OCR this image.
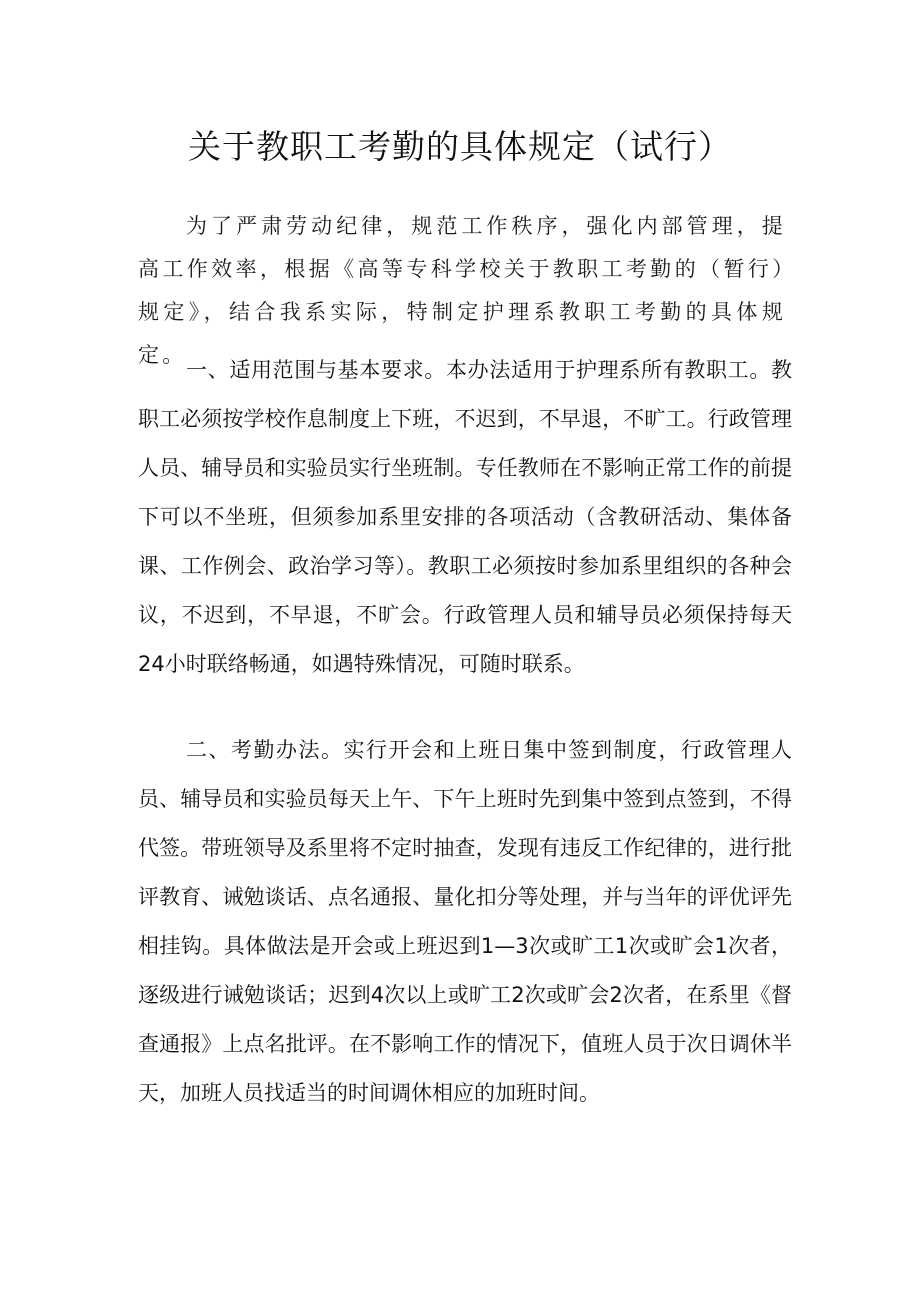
关于教职工考勤的具体规定（试行）

为了严肃劳动纪律，规范工作秩序，强化内部管理，提高工作效率，根据《高等专科学校关于教职工考勤的（暂行）规定》，结合我系实际，特制定护理系教职工考勤的具体规定。

一、适用范围与基本要求。本办法适用于护理系所有教职工。教职工必须按学校作息制度上下班，不迟到，不早退，不旷工。行政管理人员、辅导员和实验员实行坐班制。专任教师在不影响正常工作的前提下可以不坐班，但须参加系里安排的各项活动（含教研活动、集体备课、工作例会、政治学习等）。教职工必须按时参加系里组织的各种会议，不迟到，不早退，不旷会。行政管理人员和辅导员必须保持每天24小时联络畅通，如遇特殊情况，可随时联系。

二、考勤办法。实行开会和上班日集中签到制度，行政管理人员、辅导员和实验员每天上午、下午上班时先到集中签到点签到，不得代签。带班领导及系里将不定时抽查，发现有违反工作纪律的，进行批评教育、诫勉谈话、点名通报、量化扣分等处理，并与当年的评优评先相挂钩。具体做法是开会或上班迟到1—3次或旷工1次或旷会1次者，逐级进行诫勉谈话；迟到4次以上或旷工2次或旷会2次者，在系里《督查通报》上点名批评。在不影响工作的情况下，值班人员于次日调休半天，加班人员找适当的时间调休相应的加班时间。
